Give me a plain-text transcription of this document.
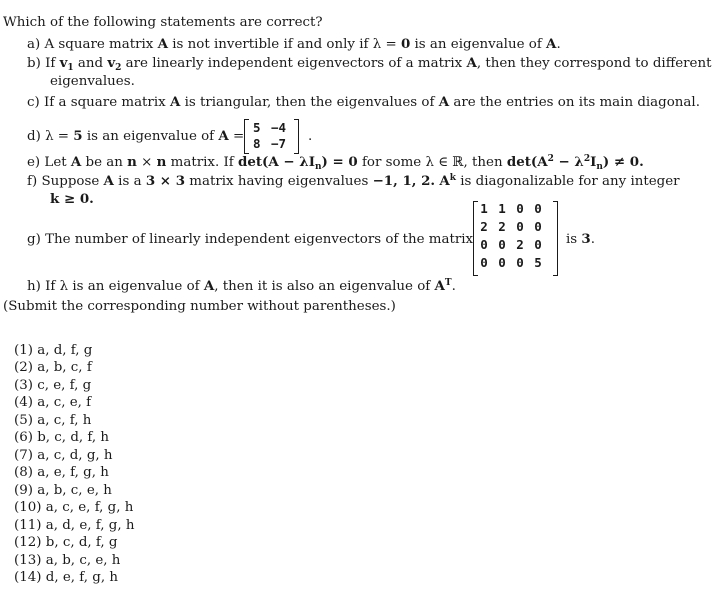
Which of the following statements are correct?
a) A square matrix A is not invertible if and only if λ = 0 is an eigenvalue of A.
b) If $v_1$ and $v_2$ are linearly independent eigenvectors of a matrix A, then they correspond to different
eigenvalues.
c) If a square matrix A is triangular, then the eigenvalues of A are the entries on its main diagonal.
d) λ = 5 is an eigenvalue of A =
5 −4
8 −7 .
e) Let A be an n × n matrix. If $\det(A - \lambda I_n) = 0$ for some λ ∈ ℝ, then $\det(A^2 - \lambda^2I_n) \ne 0$.
f) Suppose A is a 3 × 3 matrix having eigenvalues −1, 1, 2. $A^k$ is diagonalizable for any integer
k ≥ 0.
g) The number of linearly independent eigenvectors of the matrix
1 1 0 0
2 2 0 0
0 0 2 0
0 0 0 5
is 3.
h) If λ is an eigenvalue of A, then it is also an eigenvalue of $A^T$.
(Submit the corresponding number without parentheses.)
(1) a, d, f, g
(2) a, b, c, f
(3) c, e, f, g
(4) a, c, e, f
(5) a, c, f, h
(6) b, c, d, f, h
(7) a, c, d, g, h
(8) a, e, f, g, h
(9) a, b, c, e, h
(10) a, c, e, f, g, h
(11) a, d, e, f, g, h
(12) b, c, d, f, g
(13) a, b, c, e, h
(14) d, e, f, g, h
